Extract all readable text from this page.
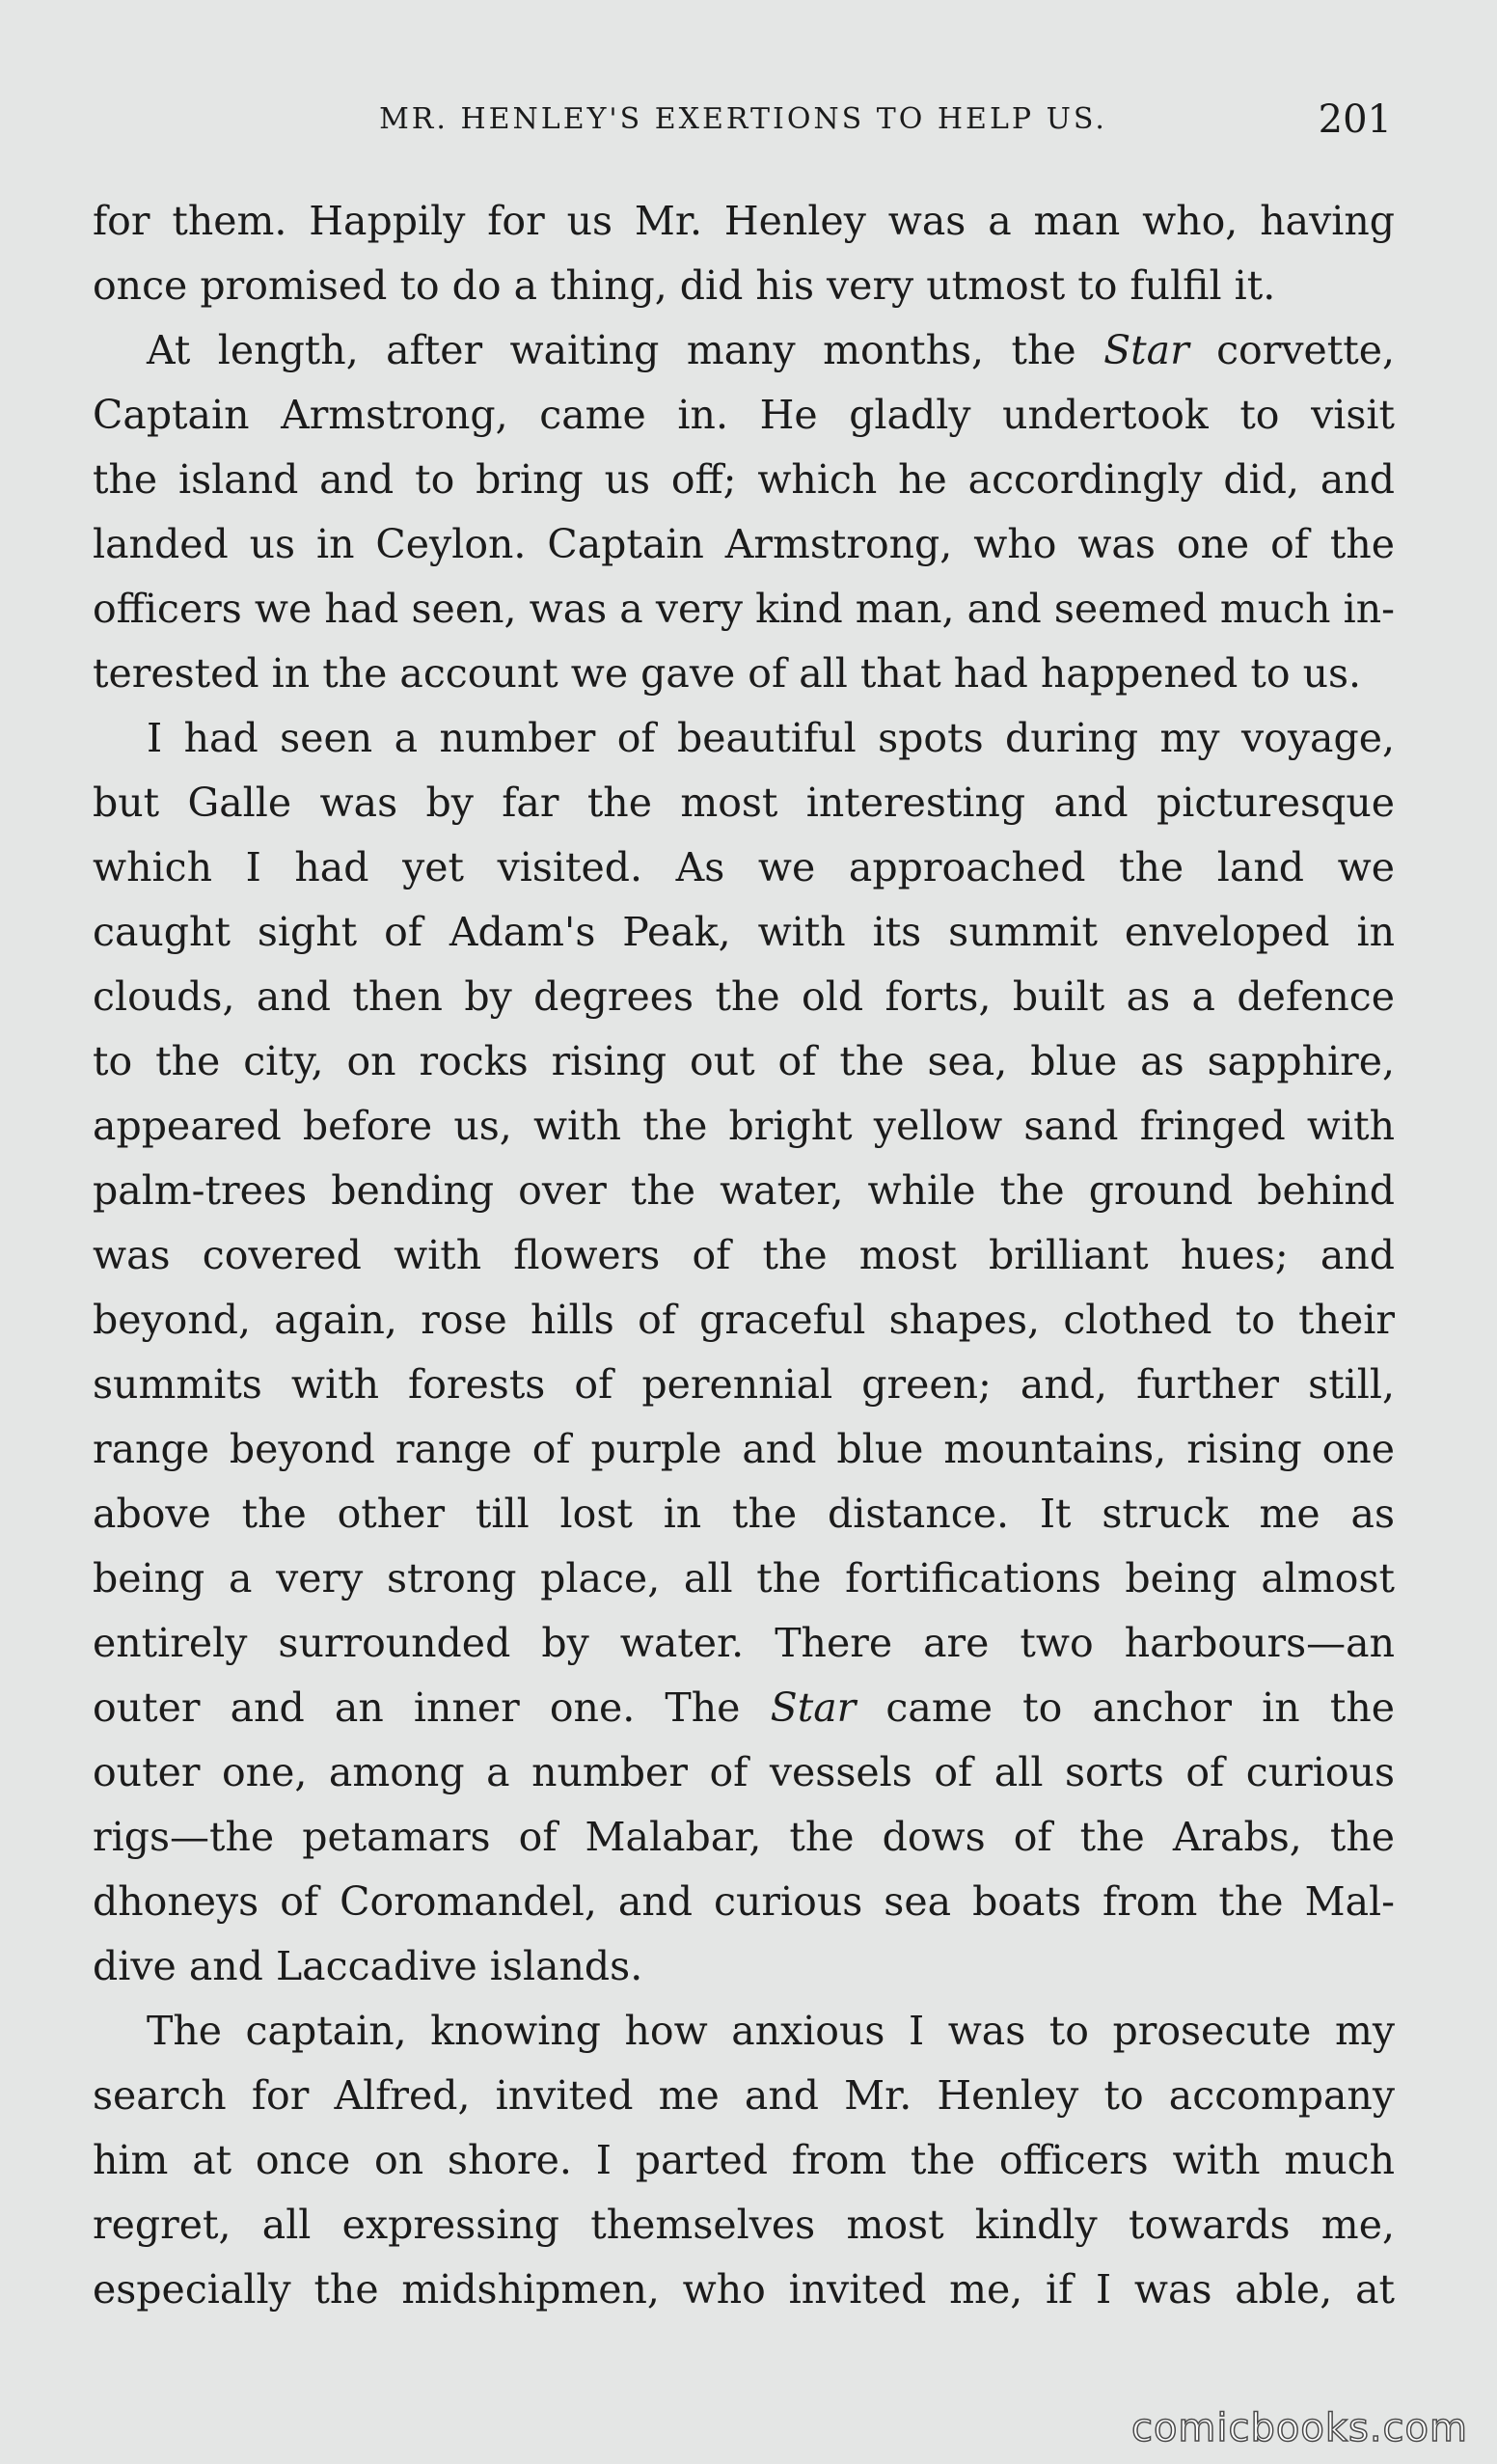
MR. HENLEY'S EXERTIONS TO HELP US.	201
for them. Happily for us Mr. Henley was a man who, having
once promised to do a thing, did his very utmost to fulfil it.
At length, after waiting many months, the Star corvette,
Captain Armstrong, came in. He gladly undertook to visit
the island and to bring us off; which he accordingly did, and
landed us in Ceylon. Captain Armstrong, who was one of the
officers we had seen, was a very kind man, and seemed much in-
terested in the account we gave of all that had happened to us.
I had seen a number of beautiful spots during my voyage,
but Galle was by far the most interesting and picturesque
which I had yet visited. As we approached the land we
caught sight of Adam's Peak, with its summit enveloped in
clouds, and then by degrees the old forts, built as a defence
to the city, on rocks rising out of the sea, blue as sapphire,
appeared before us, with the bright yellow sand fringed with
palm-trees bending over the water, while the ground behind
was covered with flowers of the most brilliant hues; and
beyond, again, rose hills of graceful shapes, clothed to their
summits with forests of perennial green; and, further still,
range beyond range of purple and blue mountains, rising one
above the other till lost in the distance. It struck me as
being a very strong place, all the fortifications being almost
entirely surrounded by water. There are two harbours—an
outer and an inner one. The Star came to anchor in the
outer one, among a number of vessels of all sorts of curious
rigs—the petamars of Malabar, the dows of the Arabs, the
dhoneys of Coromandel, and curious sea boats from the Mal-
dive and Laccadive islands.
The captain, knowing how anxious I was to prosecute my
search for Alfred, invited me and Mr. Henley to accompany
him at once on shore. I parted from the officers with much
regret, all expressing themselves most kindly towards me,
especially the midshipmen, who invited me, if I was able, at
comicbooks.com
